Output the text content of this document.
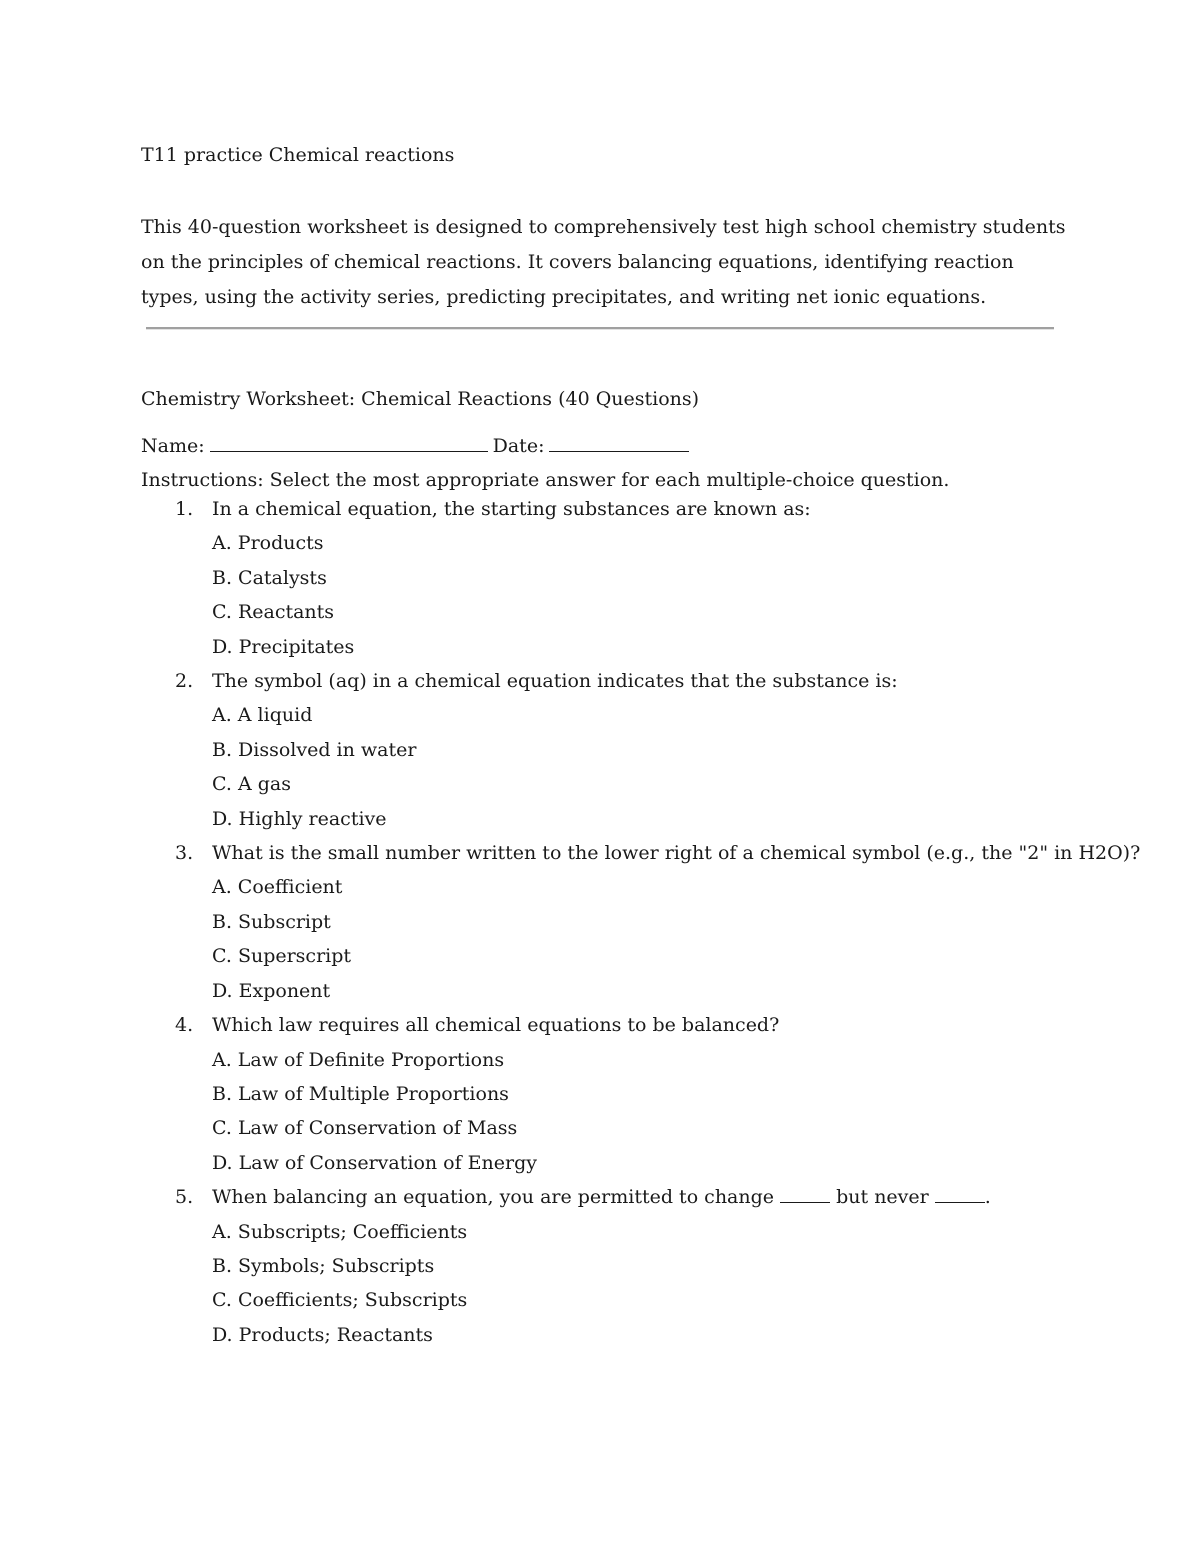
T11 practice Chemical reactions
This 40-question worksheet is designed to comprehensively test high school chemistry students on the principles of chemical reactions. It covers balancing equations, identifying reaction types, using the activity series, predicting precipitates, and writing net ionic equations.
Chemistry Worksheet: Chemical Reactions (40 Questions)
Name:	Date:
Instructions: Select the most appropriate answer for each multiple-choice question.
1. In a chemical equation, the starting substances are known as:
A. Products
B. Catalysts
C. Reactants
D. Precipitates
2. The symbol (aq) in a chemical equation indicates that the substance is:
A. A liquid
B. Dissolved in water
C. A gas
D. Highly reactive
3. What is the small number written to the lower right of a chemical symbol (e.g., the "2" in H2O)?
A. Coefficient
B. Subscript
C. Superscript
D. Exponent
4. Which law requires all chemical equations to be balanced?
A. Law of Definite Proportions
B. Law of Multiple Proportions
C. Law of Conservation of Mass
D. Law of Conservation of Energy
5. When balancing an equation, you are permitted to change	but never	.
A. Subscripts; Coefficients
B. Symbols; Subscripts
C. Coefficients; Subscripts
D. Products; Reactants
